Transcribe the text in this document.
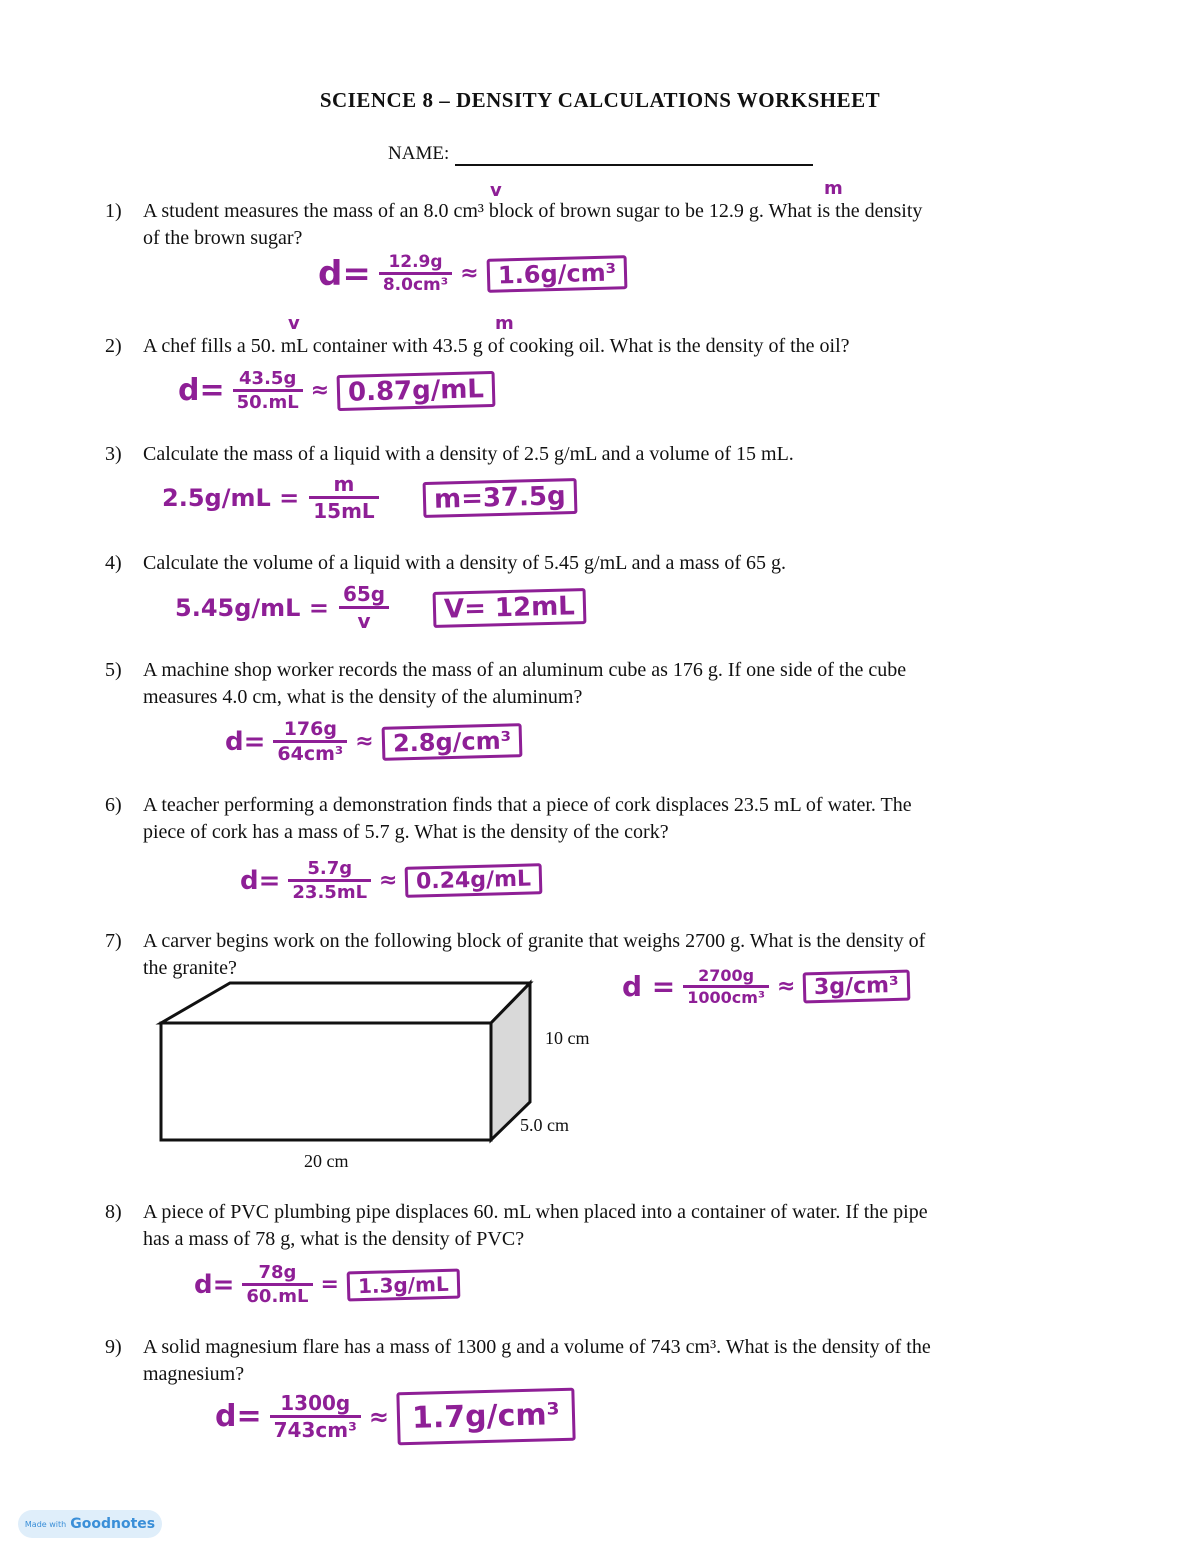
SCIENCE 8 – DENSITY CALCULATIONS WORKSHEET
NAME:
1) A student measures the mass of an 8.0 cm³ block of brown sugar to be 12.9 g. What is the density
of the brown sugar?
2) A chef fills a 50. mL container with 43.5 g of cooking oil. What is the density of the oil?
3) Calculate the mass of a liquid with a density of 2.5 g/mL and a volume of 15 mL.
4) Calculate the volume of a liquid with a density of 5.45 g/mL and a mass of 65 g.
5) A machine shop worker records the mass of an aluminum cube as 176 g. If one side of the cube
measures 4.0 cm, what is the density of the aluminum?
6) A teacher performing a demonstration finds that a piece of cork displaces 23.5 mL of water. The
piece of cork has a mass of 5.7 g. What is the density of the cork?
7) A carver begins work on the following block of granite that weighs 2700 g. What is the density of
the granite?
8) A piece of PVC plumbing pipe displaces 60. mL when placed into a container of water. If the pipe
has a mass of 78 g, what is the density of PVC?
9) A solid magnesium flare has a mass of 1300 g and a volume of 743 cm³. What is the density of the
magnesium?
10 cm
5.0 cm
20 cm
v	m
v	m
$d= \frac{12.9g}{\text{8.0cm³}} \approx 1.6g/cm^3$
$d= \frac{43.5g}{50.mL} \approx 0.87g/mL$
$2.5g/mL = \frac{m}{15mL}$	m=37.5g
$5.45g/mL = \frac{65g}{v}$	V= 12mL
$d= \frac{176g}{\text{64cm³}} \approx 2.8g/cm^3$
$d= \frac{5.7g}{23.5mL} \approx 0.24g/mL$
$d = \frac{2700g}{\text{1000cm³}} \approx 3g/cm^3$
$d= \frac{78g}{60.mL} = 1.3g/mL$
$d= \frac{1300g}{\text{743cm³}} \approx 1.7g/cm^3$
Made with Goodnotes
